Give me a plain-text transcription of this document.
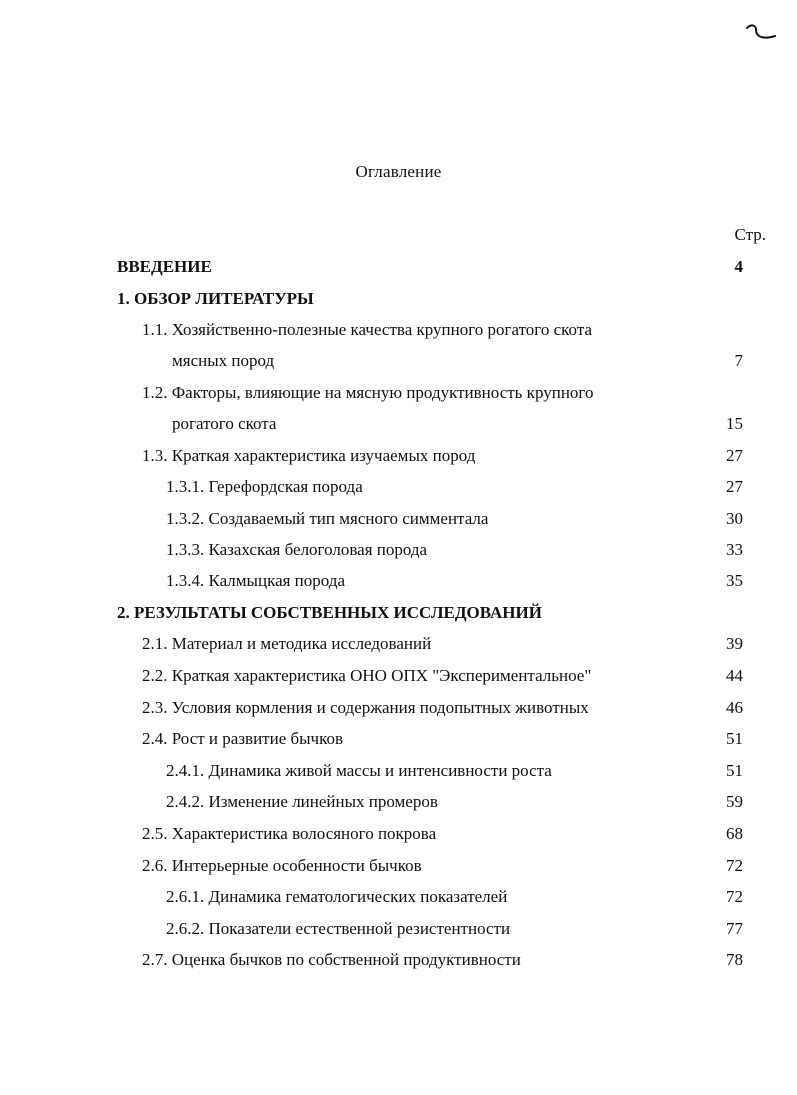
Оглавление
Стр.
ВВЕДЕНИЕ	4
1. ОБЗОР ЛИТЕРАТУРЫ
1.1. Хозяйственно-полезные качества крупного рогатого скота
мясных пород	7
1.2. Факторы, влияющие на мясную продуктивность крупного
рогатого скота	15
1.3. Краткая характеристика изучаемых пород	27
1.3.1. Герефордская порода	27
1.3.2. Создаваемый тип мясного симментала	30
1.3.3. Казахская белоголовая порода	33
1.3.4. Калмыцкая порода	35
2. РЕЗУЛЬТАТЫ СОБСТВЕННЫХ ИССЛЕДОВАНИЙ
2.1. Материал и методика исследований	39
2.2. Краткая характеристика ОНО ОПХ "Экспериментальное"	44
2.3. Условия кормления и содержания подопытных животных	46
2.4. Рост и развитие бычков	51
2.4.1. Динамика живой массы и интенсивности роста	51
2.4.2. Изменение линейных промеров	59
2.5. Характеристика волосяного покрова	68
2.6. Интерьерные особенности бычков	72
2.6.1. Динамика гематологических показателей	72
2.6.2. Показатели естественной резистентности	77
2.7. Оценка бычков по собственной продуктивности	78
